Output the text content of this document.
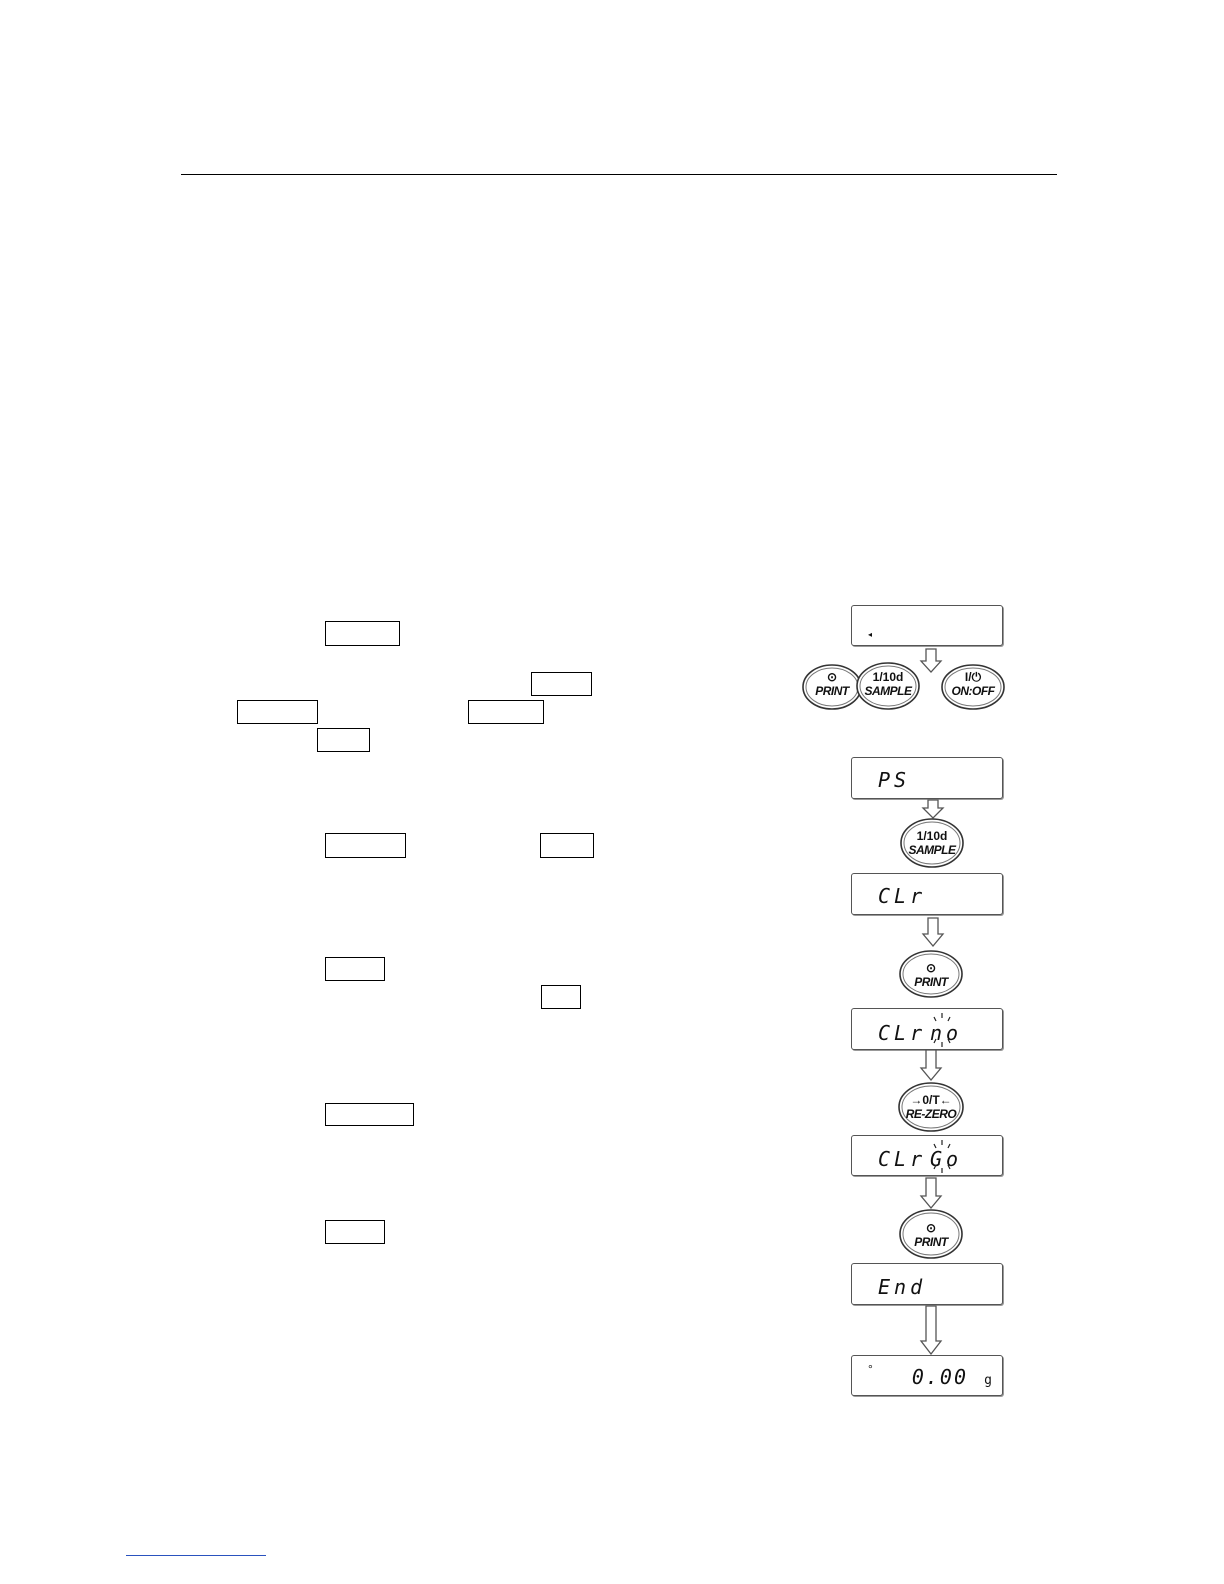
◂
⊙
PRINT
1/10d
SAMPLE
I/⏻
ON:OFF
PS
1/10d
SAMPLE
CLr
⊙
PRINT
CLr no
→0/T←
RE-ZERO
CLr Go
⊙
PRINT
End
° 0.00 g
